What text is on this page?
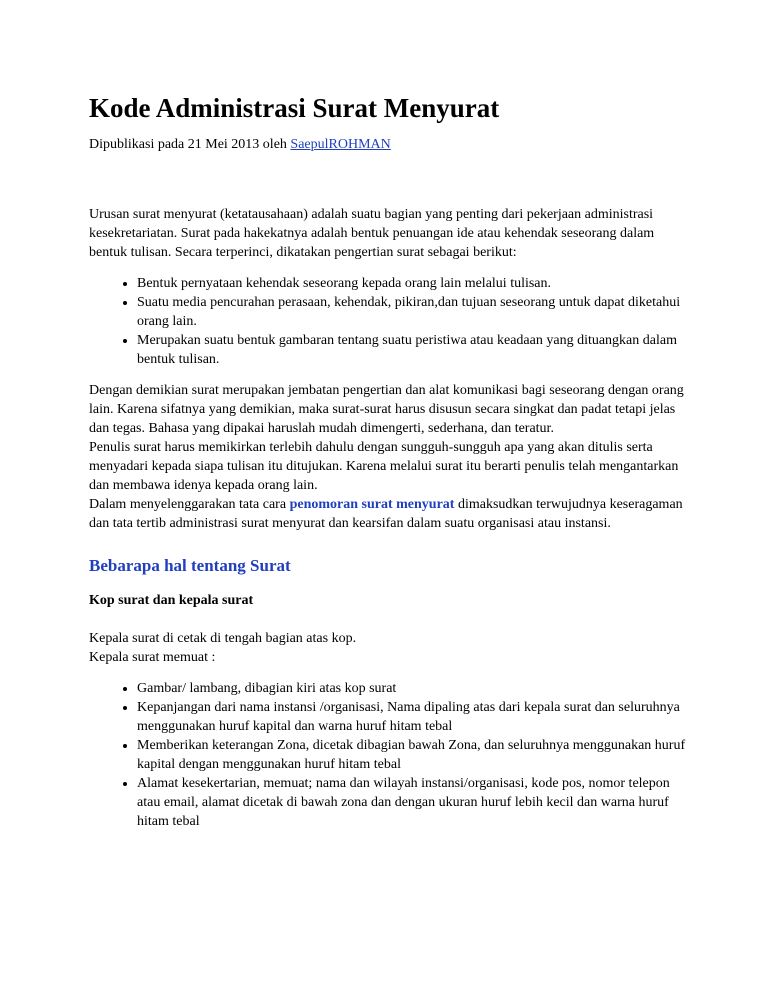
Kode Administrasi Surat Menyurat
Dipublikasi pada 21 Mei 2013 oleh SaepulROHMAN

Urusan surat menyurat (ketatausahaan) adalah suatu bagian yang penting dari pekerjaan administrasi kesekretariatan. Surat pada hakekatnya adalah bentuk penuangan ide atau kehendak seseorang dalam bentuk tulisan. Secara terperinci, dikatakan pengertian surat sebagai berikut:

• Bentuk pernyataan kehendak seseorang kepada orang lain melalui tulisan.
• Suatu media pencurahan perasaan, kehendak, pikiran,dan tujuan seseorang untuk dapat diketahui orang lain.
• Merupakan suatu bentuk gambaran tentang suatu peristiwa atau keadaan yang dituangkan dalam bentuk tulisan.

Dengan demikian surat merupakan jembatan pengertian dan alat komunikasi bagi seseorang dengan orang lain. Karena sifatnya yang demikian, maka surat-surat harus disusun secara singkat dan padat tetapi jelas dan tegas. Bahasa yang dipakai haruslah mudah dimengerti, sederhana, dan teratur.

Penulis surat harus memikirkan terlebih dahulu dengan sungguh-sungguh apa yang akan ditulis serta menyadari kepada siapa tulisan itu ditujukan. Karena melalui surat itu berarti penulis telah mengantarkan dan membawa idenya kepada orang lain.

Dalam menyelenggarakan tata cara penomoran surat menyurat dimaksudkan terwujudnya keseragaman dan tata tertib administrasi surat menyurat dan kearsifan dalam suatu organisasi atau instansi.

Bebarapa hal tentang Surat
Kop surat dan kepala surat

Kepala surat di cetak di tengah bagian atas kop.

Kepala surat memuat :

• Gambar/ lambang, dibagian kiri atas kop surat
• Kepanjangan dari nama instansi /organisasi, Nama dipaling atas dari kepala surat dan seluruhnya menggunakan huruf kapital dan warna huruf hitam tebal
• Memberikan keterangan Zona, dicetak dibagian bawah Zona, dan seluruhnya menggunakan huruf kapital dengan menggunakan huruf hitam tebal
• Alamat kesekertarian, memuat; nama dan wilayah instansi/organisasi, kode pos, nomor telepon atau email, alamat dicetak di bawah zona dan dengan ukuran huruf lebih kecil dan warna huruf hitam tebal
